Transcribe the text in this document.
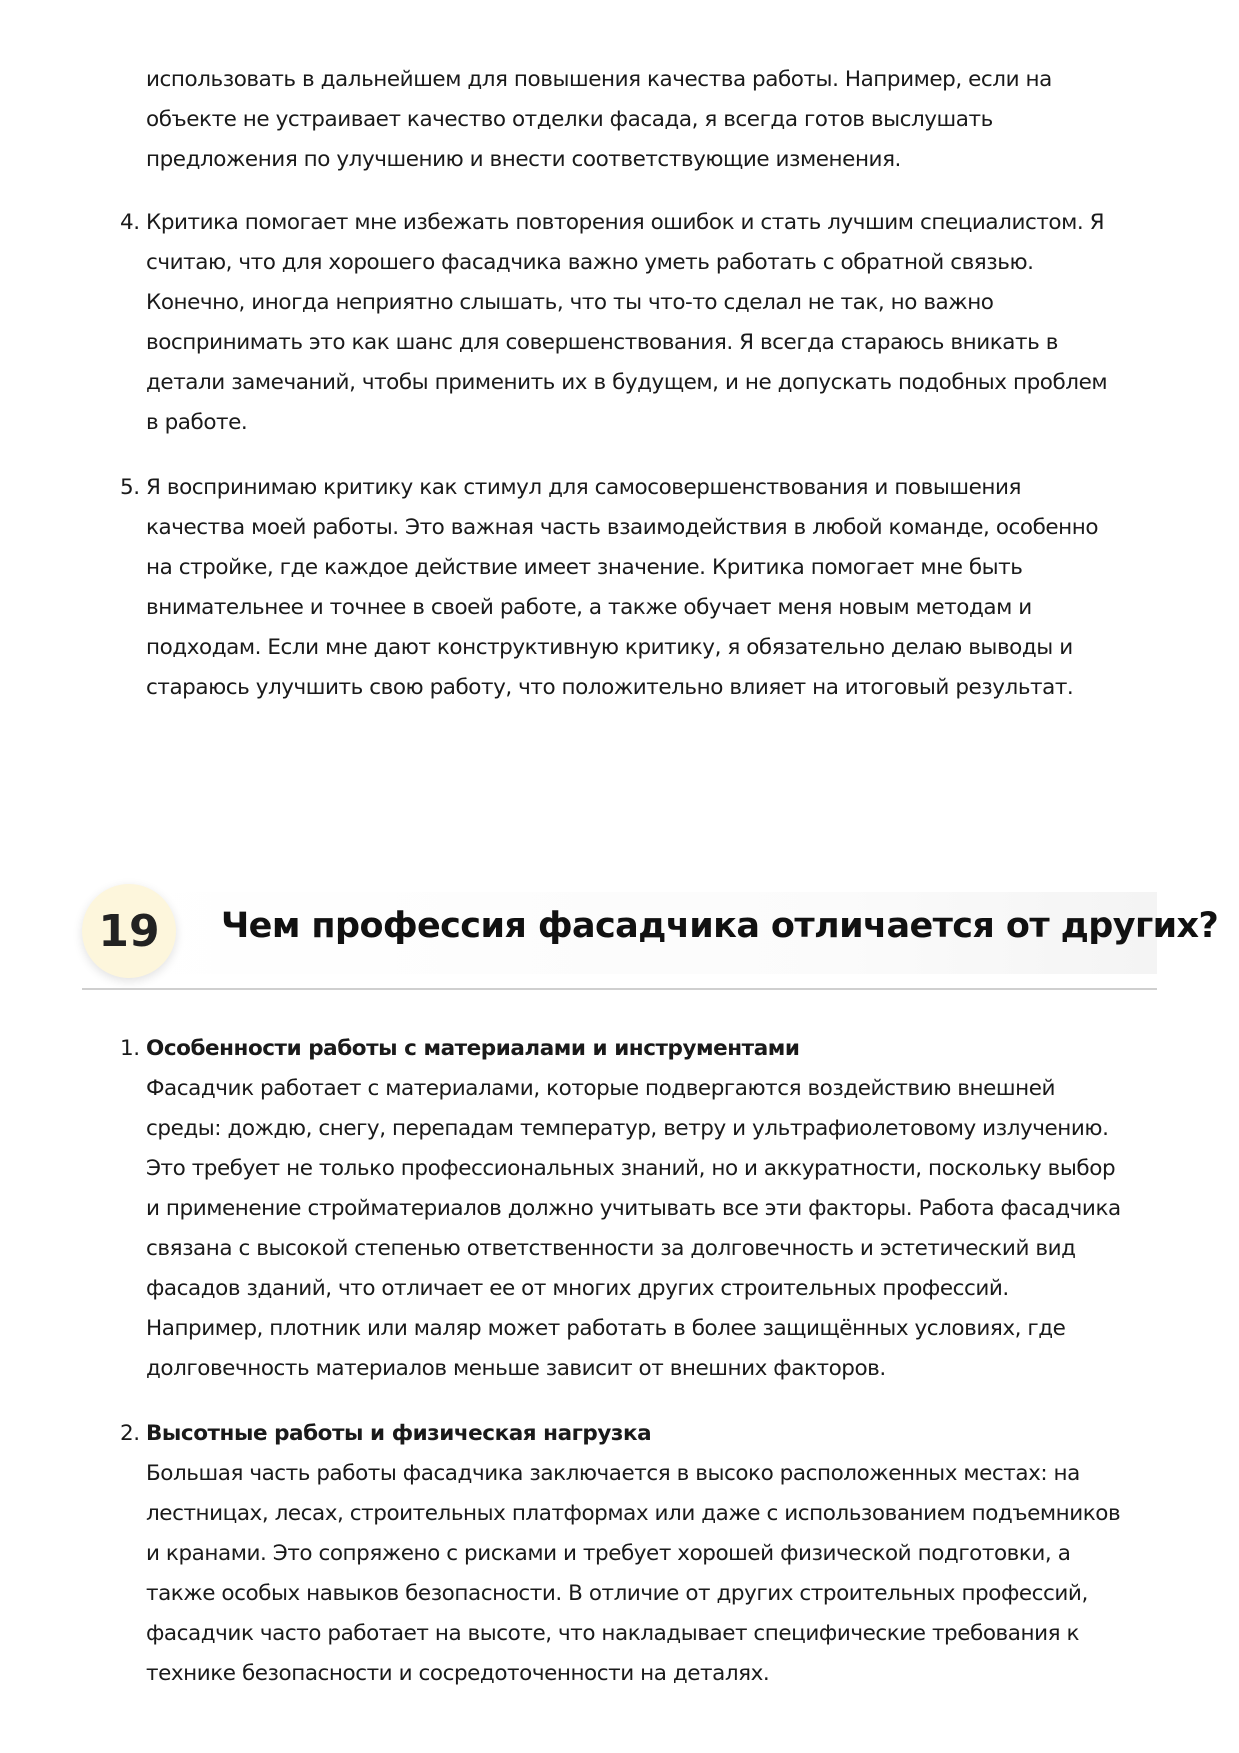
использовать в дальнейшем для повышения качества работы. Например, если на
объекте не устраивает качество отделки фасада, я всегда готов выслушать
предложения по улучшению и внести соответствующие изменения.
4. Критика помогает мне избежать повторения ошибок и стать лучшим специалистом. Я
считаю, что для хорошего фасадчика важно уметь работать с обратной связью.
Конечно, иногда неприятно слышать, что ты что-то сделал не так, но важно
воспринимать это как шанс для совершенствования. Я всегда стараюсь вникать в
детали замечаний, чтобы применить их в будущем, и не допускать подобных проблем
в работе.
5. Я воспринимаю критику как стимул для самосовершенствования и повышения
качества моей работы. Это важная часть взаимодействия в любой команде, особенно
на стройке, где каждое действие имеет значение. Критика помогает мне быть
внимательнее и точнее в своей работе, а также обучает меня новым методам и
подходам. Если мне дают конструктивную критику, я обязательно делаю выводы и
стараюсь улучшить свою работу, что положительно влияет на итоговый результат.
19	Чем профессия фасадчика отличается от других?
1. Особенности работы с материалами и инструментами
Фасадчик работает с материалами, которые подвергаются воздействию внешней
среды: дождю, снегу, перепадам температур, ветру и ультрафиолетовому излучению.
Это требует не только профессиональных знаний, но и аккуратности, поскольку выбор
и применение стройматериалов должно учитывать все эти факторы. Работа фасадчика
связана с высокой степенью ответственности за долговечность и эстетический вид
фасадов зданий, что отличает ее от многих других строительных профессий.
Например, плотник или маляр может работать в более защищённых условиях, где
долговечность материалов меньше зависит от внешних факторов.
2. Высотные работы и физическая нагрузка
Большая часть работы фасадчика заключается в высоко расположенных местах: на
лестницах, лесах, строительных платформах или даже с использованием подъемников
и кранами. Это сопряжено с рисками и требует хорошей физической подготовки, а
также особых навыков безопасности. В отличие от других строительных профессий,
фасадчик часто работает на высоте, что накладывает специфические требования к
технике безопасности и сосредоточенности на деталях.
